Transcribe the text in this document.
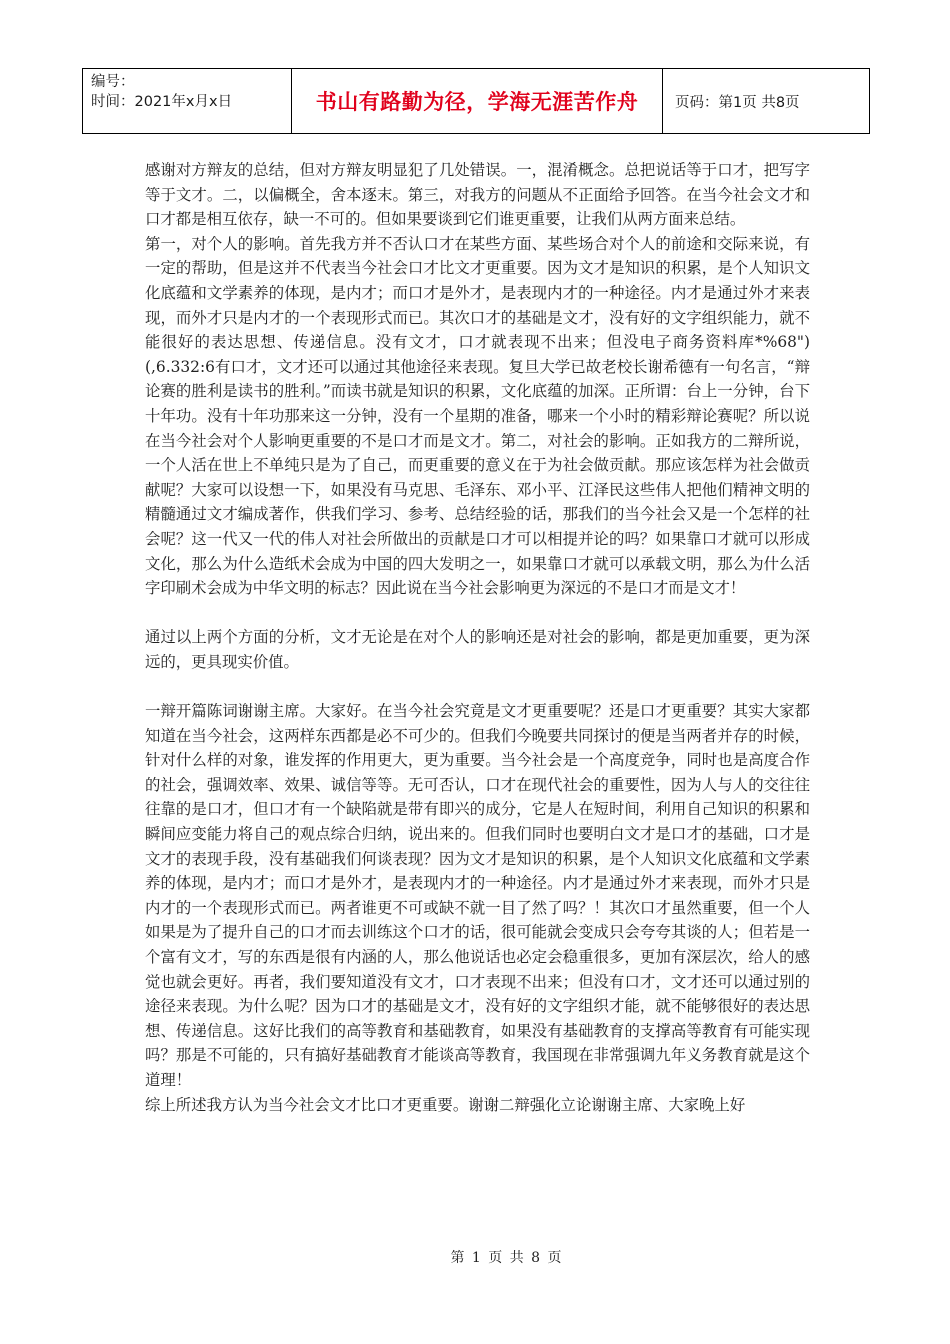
编号：
时间：2021年x月x日	书山有路勤为径，学海无涯苦作舟	页码：第1页 共8页

感谢对方辩友的总结，但对方辩友明显犯了几处错误。一，混淆概念。总把说话等于口才，把写字等于文才。二，以偏概全，舍本逐末。第三，对我方的问题从不正面给予回答。在当今社会文才和口才都是相互依存，缺一不可的。但如果要谈到它们谁更重要，让我们从两方面来总结。

第一，对个人的影响。首先我方并不否认口才在某些方面、某些场合对个人的前途和交际来说，有一定的帮助，但是这并不代表当今社会口才比文才更重要。因为文才是知识的积累，是个人知识文化底蕴和文学素养的体现，是内才；而口才是外才，是表现内才的一种途径。内才是通过外才来表现，而外才只是内才的一个表现形式而已。其次口才的基础是文才，没有好的文字组织能力，就不能很好的表达思想、传递信息。没有文才，口才就表现不出来；但没电子商务资料库*%68")(,6.332:6有口才，文才还可以通过其他途径来表现。复旦大学已故老校长谢希德有一句名言，“辩论赛的胜利是读书的胜利。”而读书就是知识的积累，文化底蕴的加深。正所谓：台上一分钟，台下十年功。没有十年功那来这一分钟，没有一个星期的准备，哪来一个小时的精彩辩论赛呢？所以说在当今社会对个人影响更重要的不是口才而是文才。第二，对社会的影响。正如我方的二辩所说，一个人活在世上不单纯只是为了自己，而更重要的意义在于为社会做贡献。那应该怎样为社会做贡献呢？大家可以设想一下，如果没有马克思、毛泽东、邓小平、江泽民这些伟人把他们精神文明的精髓通过文才编成著作，供我们学习、参考、总结经验的话，那我们的当今社会又是一个怎样的社会呢？这一代又一代的伟人对社会所做出的贡献是口才可以相提并论的吗？如果靠口才就可以形成文化，那么为什么造纸术会成为中国的四大发明之一，如果靠口才就可以承载文明，那么为什么活字印刷术会成为中华文明的标志？因此说在当今社会影响更为深远的不是口才而是文才！

通过以上两个方面的分析，文才无论是在对个人的影响还是对社会的影响，都是更加重要，更为深远的，更具现实价值。

一辩开篇陈词谢谢主席。大家好。在当今社会究竟是文才更重要呢？还是口才更重要？其实大家都知道在当今社会，这两样东西都是必不可少的。但我们今晚要共同探讨的便是当两者并存的时候，针对什么样的对象，谁发挥的作用更大，更为重要。当今社会是一个高度竞争，同时也是高度合作的社会，强调效率、效果、诚信等等。无可否认，口才在现代社会的重要性，因为人与人的交往往往靠的是口才，但口才有一个缺陷就是带有即兴的成分，它是人在短时间，利用自己知识的积累和瞬间应变能力将自己的观点综合归纳，说出来的。但我们同时也要明白文才是口才的基础，口才是文才的表现手段，没有基础我们何谈表现？因为文才是知识的积累，是个人知识文化底蕴和文学素养的体现，是内才；而口才是外才，是表现内才的一种途径。内才是通过外才来表现，而外才只是内才的一个表现形式而已。两者谁更不可或缺不就一目了然了吗？！其次口才虽然重要，但一个人如果是为了提升自己的口才而去训练这个口才的话，很可能就会变成只会夸夸其谈的人；但若是一个富有文才，写的东西是很有内涵的人，那么他说话也必定会稳重很多，更加有深层次，给人的感觉也就会更好。再者，我们要知道没有文才，口才表现不出来；但没有口才，文才还可以通过别的途径来表现。为什么呢？因为口才的基础是文才，没有好的文字组织才能，就不能够很好的表达思想、传递信息。这好比我们的高等教育和基础教育，如果没有基础教育的支撑高等教育有可能实现吗？那是不可能的，只有搞好基础教育才能谈高等教育，我国现在非常强调九年义务教育就是这个道理！

综上所述我方认为当今社会文才比口才更重要。谢谢二辩强化立论谢谢主席、大家晚上好

第 1 页 共 8 页
